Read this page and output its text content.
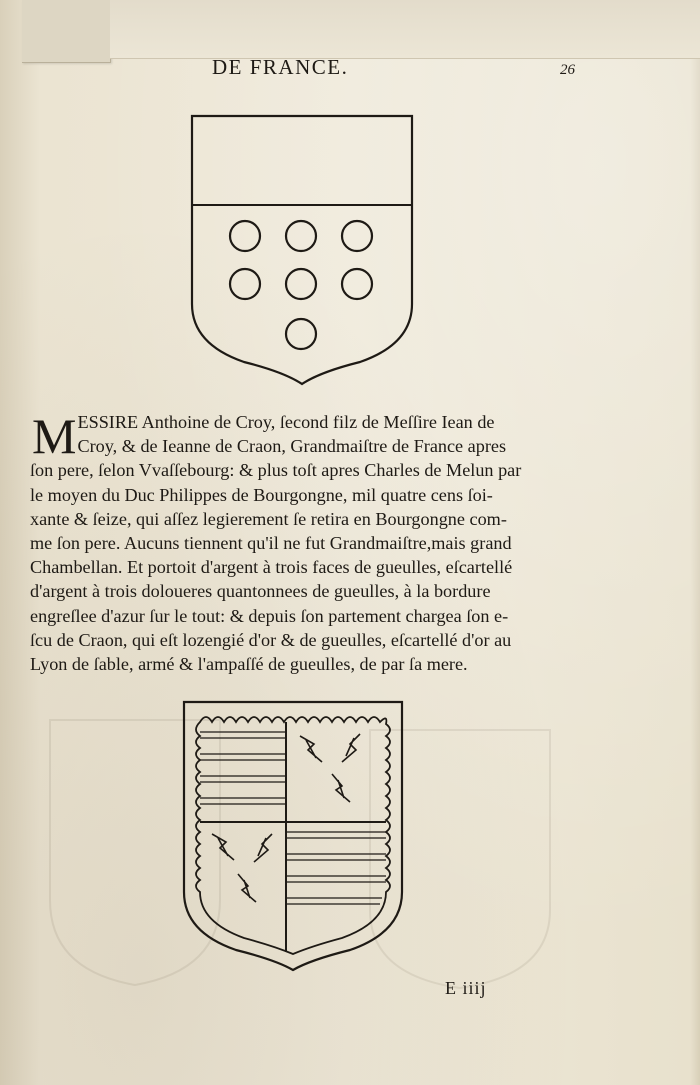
DE FRANCE.	26
M ESSIRE Anthoine de Croy, ſecond filz de Meſſire Iean de
Croy, & de Ieanne de Craon, Grandmaiſtre de France apres
ſon pere, ſelon Vvaſſebourg: & plus toſt apres Charles de Melun par
le moyen du Duc Philippes de Bourgongne, mil quatre cens ſoi-
xante & ſeize, qui aſſez legierement ſe retira en Bourgongne com-
me ſon pere. Aucuns tiennent qu'il ne fut Grandmaiſtre,mais grand
Chambellan. Et portoit d'argent à trois faces de gueulles, eſcartellé
d'argent à trois doloueres quantonnees de gueulles, à la bordure
engreſlee d'azur ſur le tout: & depuis ſon partement chargea ſon e-
ſcu de Craon, qui eſt lozengié d'or & de gueulles, eſcartellé d'or au
Lyon de ſable, armé & l'ampaſſé de gueulles, de par ſa mere.
E iiij
